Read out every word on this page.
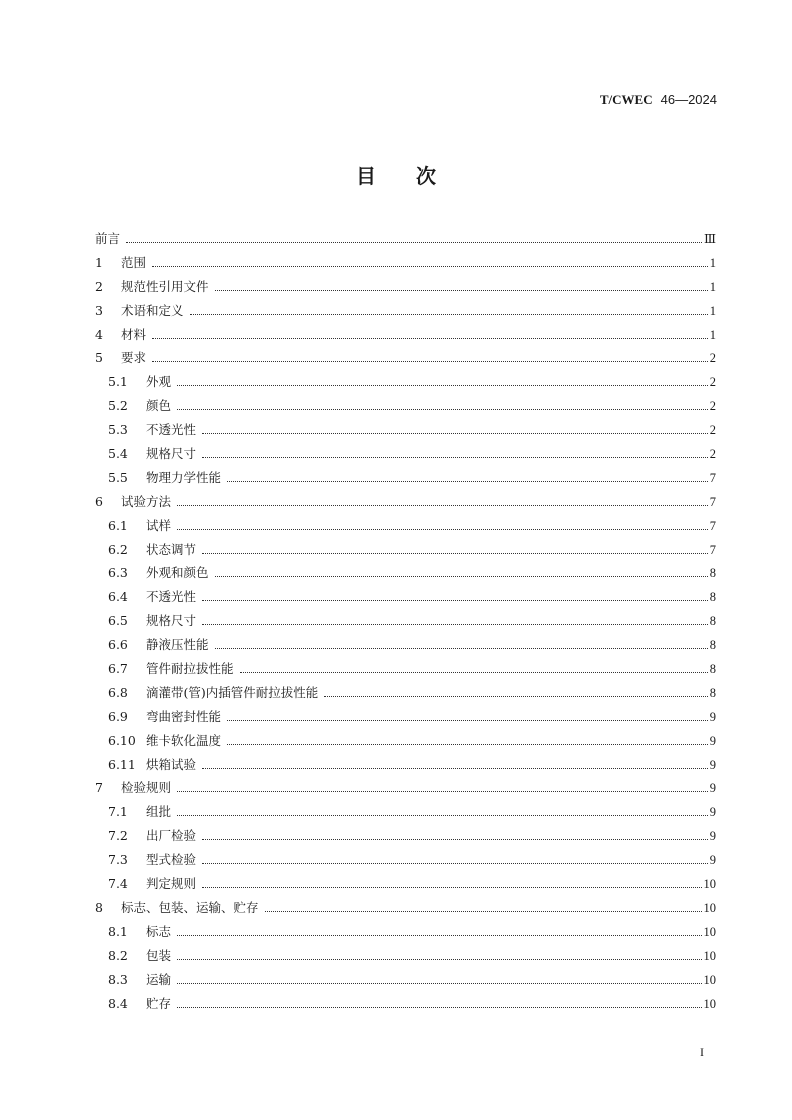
T/CWEC 46—2024
目 次
前言	Ⅲ
1	范围	1
2	规范性引用文件	1
3	术语和定义	1
4	材料	1
5	要求	2
5.1	外观	2
5.2	颜色	2
5.3	不透光性	2
5.4	规格尺寸	2
5.5	物理力学性能	7
6	试验方法	7
6.1	试样	7
6.2	状态调节	7
6.3	外观和颜色	8
6.4	不透光性	8
6.5	规格尺寸	8
6.6	静液压性能	8
6.7	管件耐拉拔性能	8
6.8	滴灌带(管)内插管件耐拉拔性能	8
6.9	弯曲密封性能	9
6.10 维卡软化温度	9
6.11 烘箱试验	9
7	检验规则	9
7.1	组批	9
7.2	出厂检验	9
7.3	型式检验	9
7.4	判定规则	10
8	标志、包装、运输、贮存	10
8.1	标志	10
8.2	包装	10
8.3	运输	10
8.4	贮存	10
I
